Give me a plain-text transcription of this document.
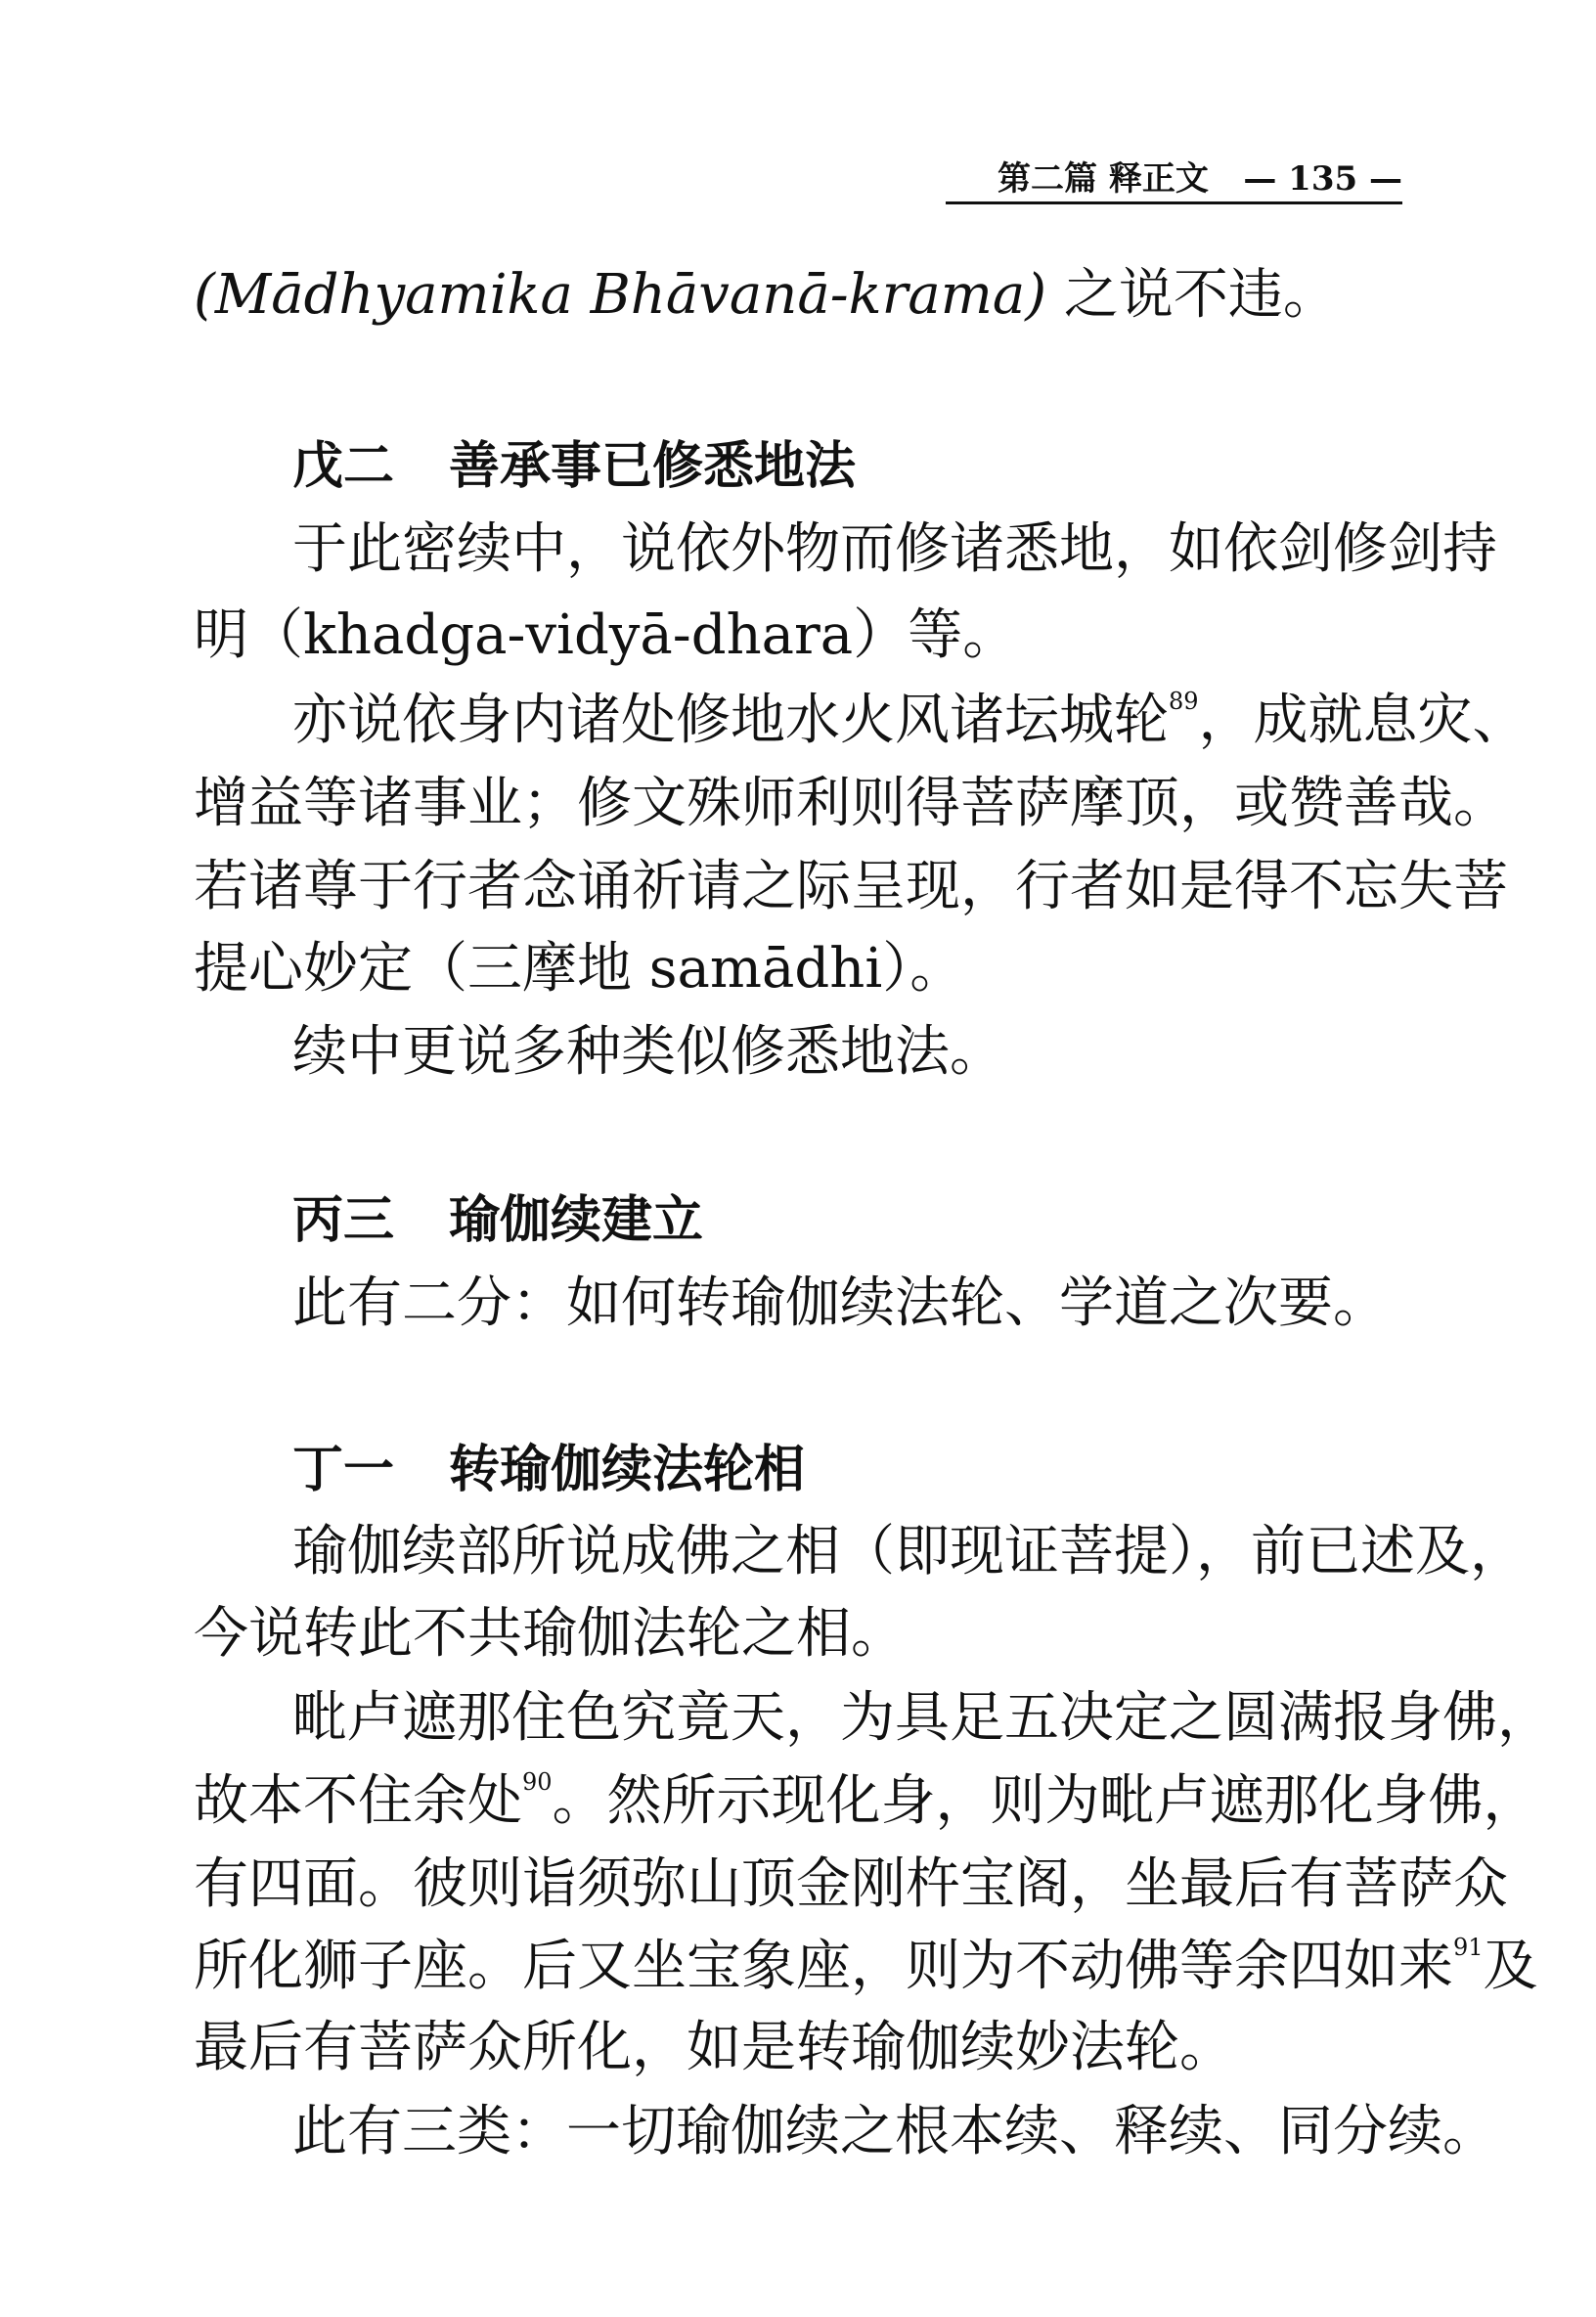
第二篇 释正文 — 135 —
(Mādhyamika Bhāvanā-krama) 之说不违。
戊二 善承事已修悉地法
于此密续中，说依外物而修诸悉地，如依剑修剑持
明（khadga-vidyā-dhara）等。
亦说依身内诸处修地水火风诸坛城轮$^{89}$，成就息灾、
增益等诸事业；修文殊师利则得菩萨摩顶，或赞善哉。
若诸尊于行者念诵祈请之际呈现，行者如是得不忘失菩
提心妙定（三摩地 samādhi）。
续中更说多种类似修悉地法。
丙三 瑜伽续建立
此有二分：如何转瑜伽续法轮、学道之次要。
丁一 转瑜伽续法轮相
瑜伽续部所说成佛之相（即现证菩提），前已述及，
今说转此不共瑜伽法轮之相。
毗卢遮那住色究竟天，为具足五决定之圆满报身佛，
故本不住余处$^{90}$。然所示现化身，则为毗卢遮那化身佛，
有四面。彼则诣须弥山顶金刚杵宝阁，坐最后有菩萨众
所化狮子座。后又坐宝象座，则为不动佛等余四如来$^{91}$及
最后有菩萨众所化，如是转瑜伽续妙法轮。
此有三类：一切瑜伽续之根本续、释续、同分续。
